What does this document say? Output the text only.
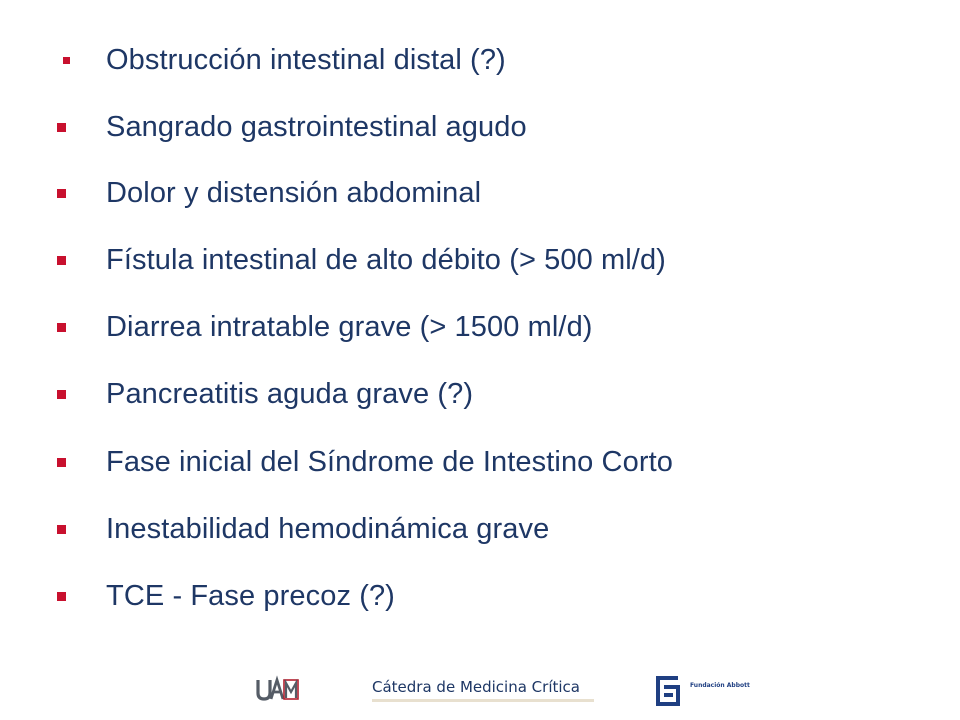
Obstrucción intestinal distal (?)
Sangrado gastrointestinal agudo
Dolor y distensión abdominal
Fístula intestinal de alto débito (> 500 ml/d)
Diarrea intratable grave (> 1500 ml/d)
Pancreatitis aguda grave (?)
Fase inicial del Síndrome de Intestino Corto
Inestabilidad hemodinámica grave
TCE - Fase precoz (?)
Cátedra de Medicina Crítica	Fundación Abbott
